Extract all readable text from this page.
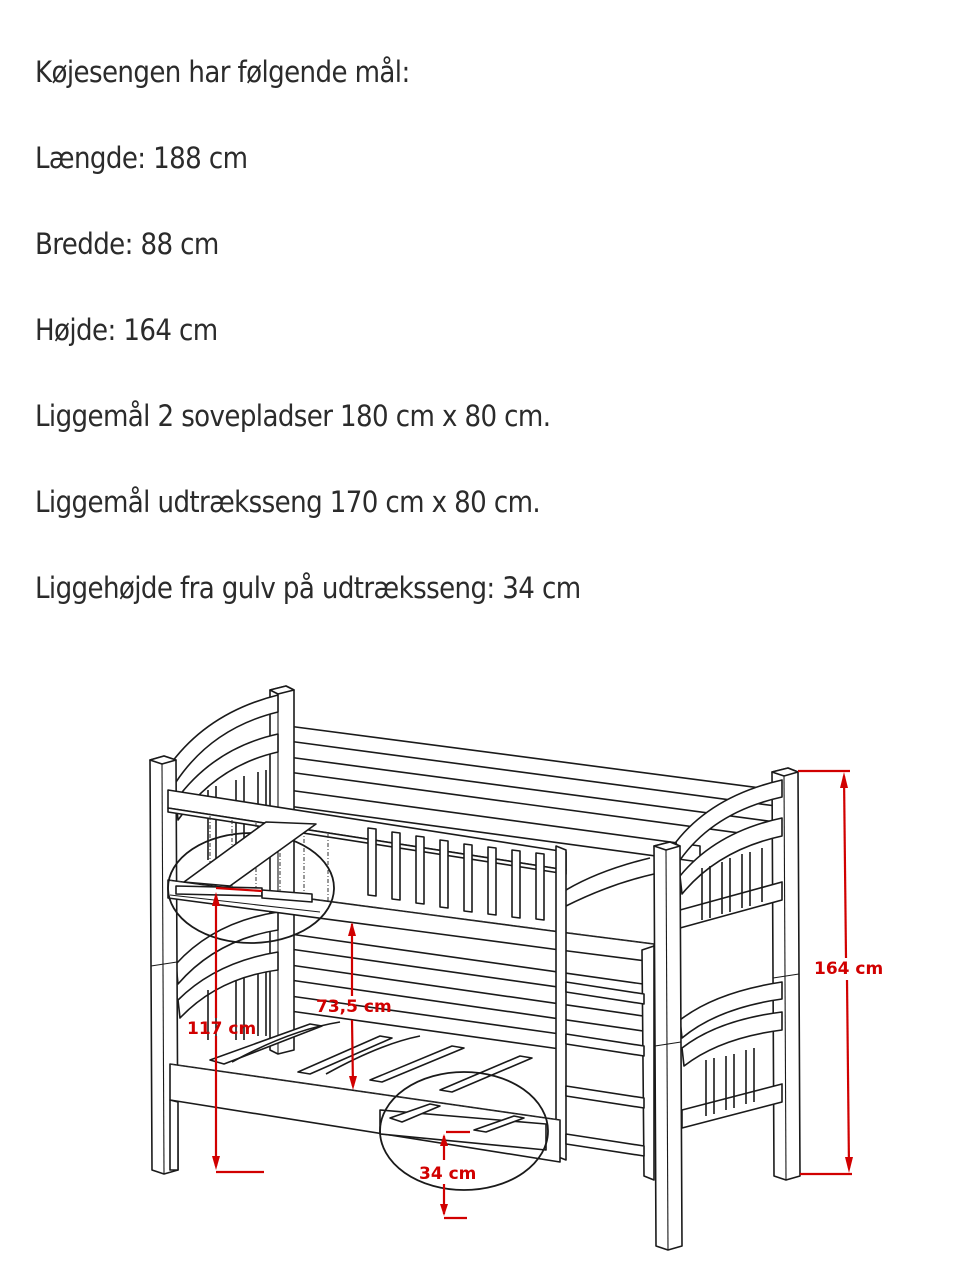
Køjesengen har følgende mål:
Længde: 188 cm
Bredde: 88 cm
Højde: 164 cm
Liggemål 2 sovepladser 180 cm x 80 cm.
Liggemål udtræksseng 170 cm x 80 cm.
Liggehøjde fra gulv på udtræksseng: 34 cm
164 cm
117 cm
73,5 cm
34 cm
